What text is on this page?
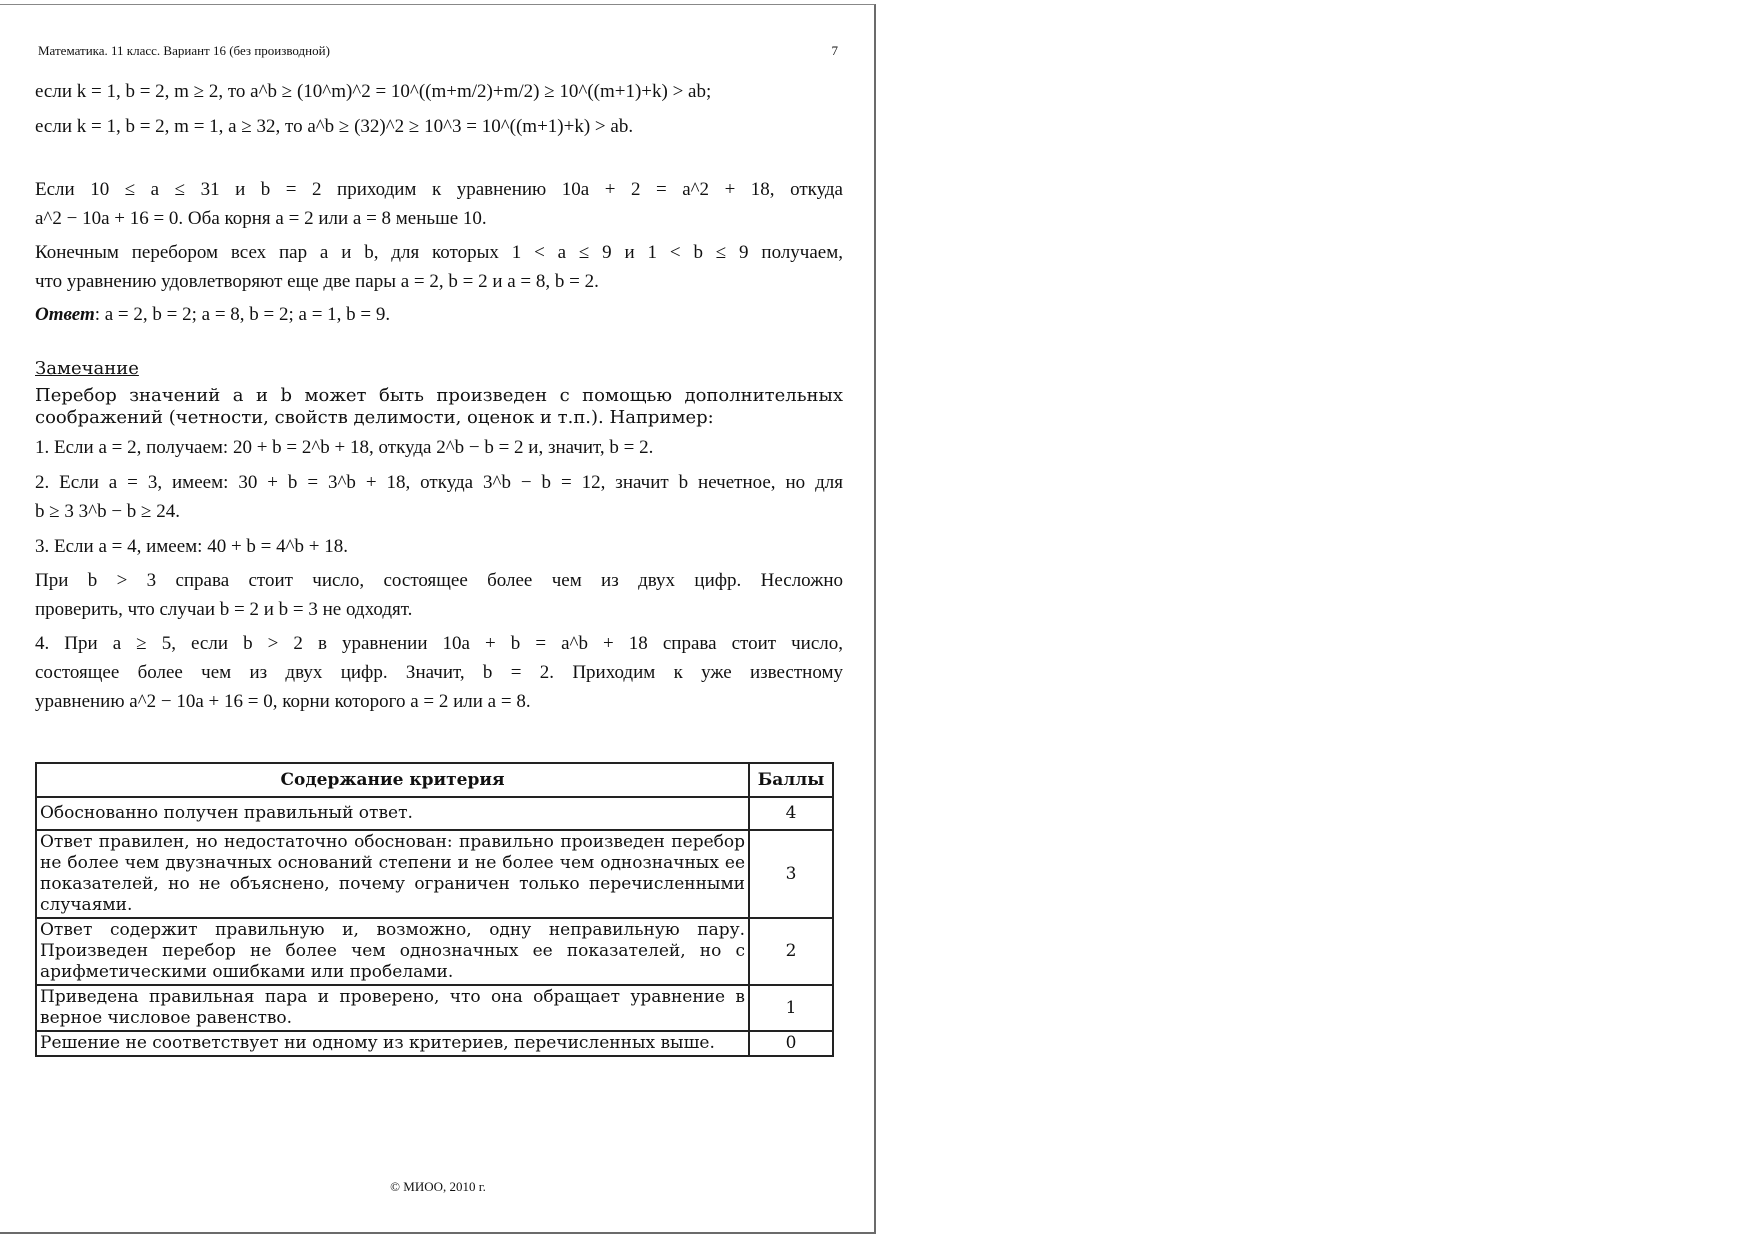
Математика. 11 класс. Вариант 16 (без производной)	7
если k = 1, b = 2, m ≥ 2, то a^b ≥ (10^m)^2 = 10^((m+m/2)+m/2) ≥ 10^((m+1)+k) > ab;
если k = 1, b = 2, m = 1, a ≥ 32, то a^b ≥ (32)^2 ≥ 10^3 = 10^((m+1)+k) > ab.
Если 10 ≤ a ≤ 31 и b = 2 приходим к уравнению 10a + 2 = a^2 + 18, откуда
a^2 − 10a + 16 = 0. Оба корня a = 2 или a = 8 меньше 10.
Конечным перебором всех пар a и b, для которых 1 < a ≤ 9 и 1 < b ≤ 9 получаем,
что уравнению удовлетворяют еще две пары a = 2, b = 2 и a = 8, b = 2.
Ответ: a = 2, b = 2; a = 8, b = 2; a = 1, b = 9.
Замечание
Перебор значений a и b может быть произведен с помощью дополнительных
соображений (четности, свойств делимости, оценок и т.п.). Например:
1. Если a = 2, получаем: 20 + b = 2^b + 18, откуда 2^b − b = 2 и, значит, b = 2.
2. Если a = 3, имеем: 30 + b = 3^b + 18, откуда 3^b − b = 12, значит b нечетное, но для
b ≥ 3 3^b − b ≥ 24.
3. Если a = 4, имеем: 40 + b = 4^b + 18.
При b > 3 справа стоит число, состоящее более чем из двух цифр. Несложно
проверить, что случаи b = 2 и b = 3 не одходят.
4. При a ≥ 5, если b > 2 в уравнении 10a + b = a^b + 18 справа стоит число,
состоящее более чем из двух цифр. Значит, b = 2. Приходим к уже известному
уравнению a^2 − 10a + 16 = 0, корни которого a = 2 или a = 8.
Содержание критерия	Баллы
Обоснованно получен правильный ответ.	4
Ответ правилен, но недостаточно обоснован: правильно произведен перебор не более чем двузначных оснований степени и не более чем однозначных ее показателей, но не объяснено, почему ограничен только перечисленными случаями.	3
Ответ содержит правильную и, возможно, одну неправильную пару. Произведен перебор не более чем однозначных ее показателей, но с арифметическими ошибками или пробелами.	2
Приведена правильная пара и проверено, что она обращает уравнение в верное числовое равенство.	1
Решение не соответствует ни одному из критериев, перечисленных выше.	0
© МИОО, 2010 г.
